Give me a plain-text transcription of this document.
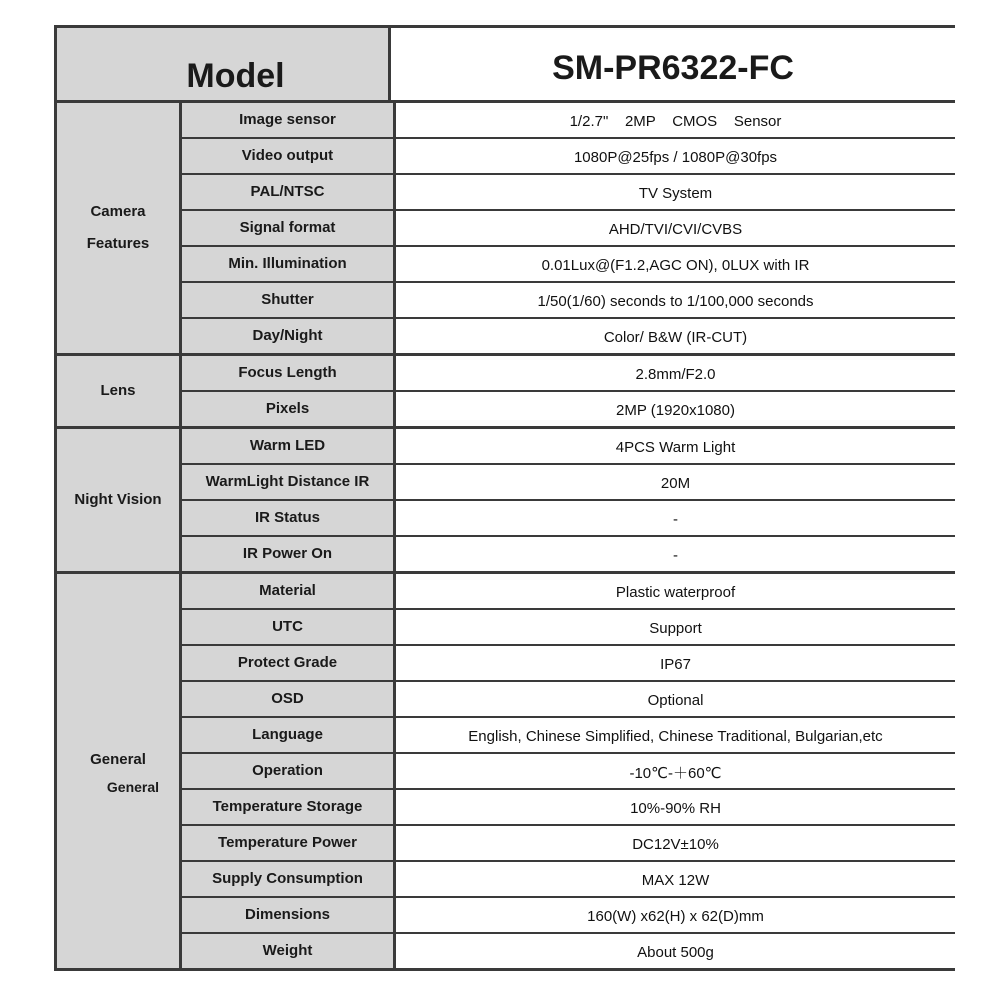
Model	SM-PR6322-FC
Camera
Features
Image sensor	1/2.7"    2MP    CMOS    Sensor
Video output	1080P@25fps / 1080P@30fps
PAL/NTSC	TV System
Signal format	AHD/TVI/CVI/CVBS
Min. Illumination	0.01Lux@(F1.2,AGC ON), 0LUX with IR
Shutter	1/50(1/60) seconds to 1/100,000 seconds
Day/Night	Color/ B&W (IR-CUT)
Lens
Focus Length	2.8mm/F2.0
Pixels	2MP (1920x1080)
Night Vision
Warm LED	4PCS Warm Light
WarmLight Distance IR	20M
IR Status	-
IR Power On	-
General
General
Material	Plastic waterproof
UTC	Support
Protect Grade	IP67
OSD	Optional
Language	English, Chinese Simplified, Chinese Traditional, Bulgarian,etc
Operation	-10℃-＋60℃
Temperature Storage	10%-90% RH
Temperature Power	DC12V±10%
Supply Consumption	MAX 12W
Dimensions	160(W) x62(H) x 62(D)mm
Weight	About 500g
